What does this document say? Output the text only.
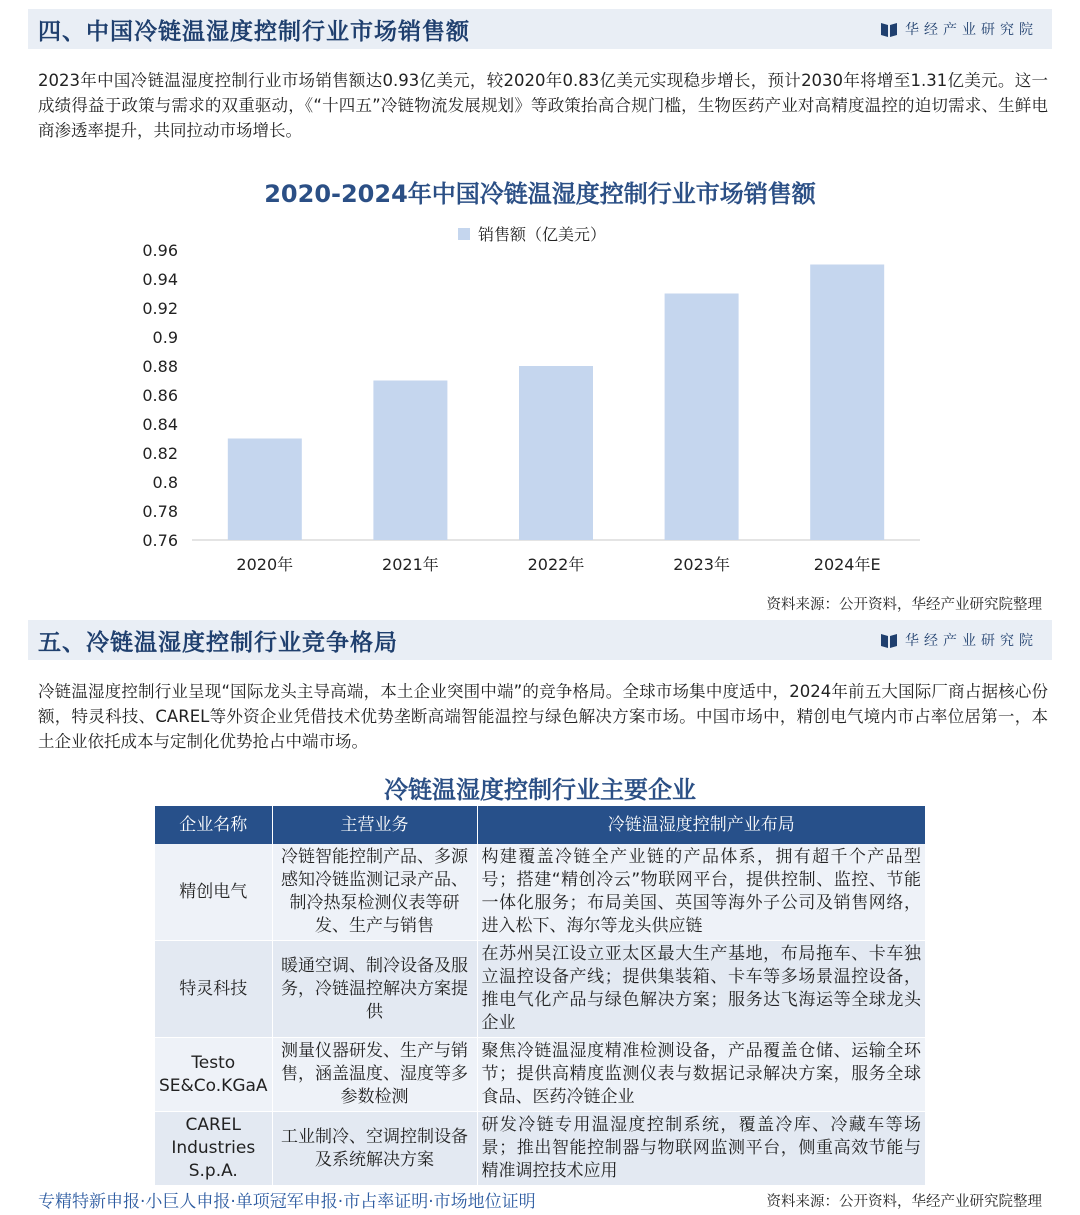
四、中国冷链温湿度控制行业市场销售额	华经产业研究院
2023年中国冷链温湿度控制行业市场销售额达0.93亿美元，较2020年0.83亿美元实现稳步增长，预计2030年将增至1.31亿美元。这一成绩得益于政策与需求的双重驱动，《“十四五”冷链物流发展规划》等政策抬高合规门槛，生物医药产业对高精度温控的迫切需求、生鲜电商渗透率提升，共同拉动市场增长。
2020-2024年中国冷链温湿度控制行业市场销售额
销售额（亿美元）
0.76
0.78
0.8
0.82
0.84
0.86
0.88
0.9
0.92
0.94
0.96
2020年	2021年	2022年	2023年	2024年E
资料来源：公开资料，华经产业研究院整理
五、冷链温湿度控制行业竞争格局	华经产业研究院
冷链温湿度控制行业呈现“国际龙头主导高端，本土企业突围中端”的竞争格局。全球市场集中度适中，2024年前五大国际厂商占据核心份额，特灵科技、CAREL等外资企业凭借技术优势垄断高端智能温控与绿色解决方案市场。中国市场中，精创电气境内市占率位居第一，本土企业依托成本与定制化优势抢占中端市场。
冷链温湿度控制行业主要企业
企业名称	主营业务	冷链温湿度控制产业布局
精创电气	冷链智能控制产品、多源感知冷链监测记录产品、制冷热泵检测仪表等研发、生产与销售	构建覆盖冷链全产业链的产品体系，拥有超千个产品型号；搭建“精创冷云”物联网平台，提供控制、监控、节能一体化服务；布局美国、英国等海外子公司及销售网络，进入松下、海尔等龙头供应链
特灵科技	暖通空调、制冷设备及服务，冷链温控解决方案提供	在苏州吴江设立亚太区最大生产基地，布局拖车、卡车独立温控设备产线；提供集装箱、卡车等多场景温控设备，推电气化产品与绿色解决方案；服务达飞海运等全球龙头企业
Testo SE&Co.KGaA	测量仪器研发、生产与销售，涵盖温度、湿度等多参数检测	聚焦冷链温湿度精准检测设备，产品覆盖仓储、运输全环节；提供高精度监测仪表与数据记录解决方案，服务全球食品、医药冷链企业
CAREL Industries S.p.A.	工业制冷、空调控制设备及系统解决方案	研发冷链专用温湿度控制系统，覆盖冷库、冷藏车等场景；推出智能控制器与物联网监测平台，侧重高效节能与精准调控技术应用
专精特新申报·小巨人申报·单项冠军申报·市占率证明·市场地位证明	资料来源：公开资料，华经产业研究院整理
